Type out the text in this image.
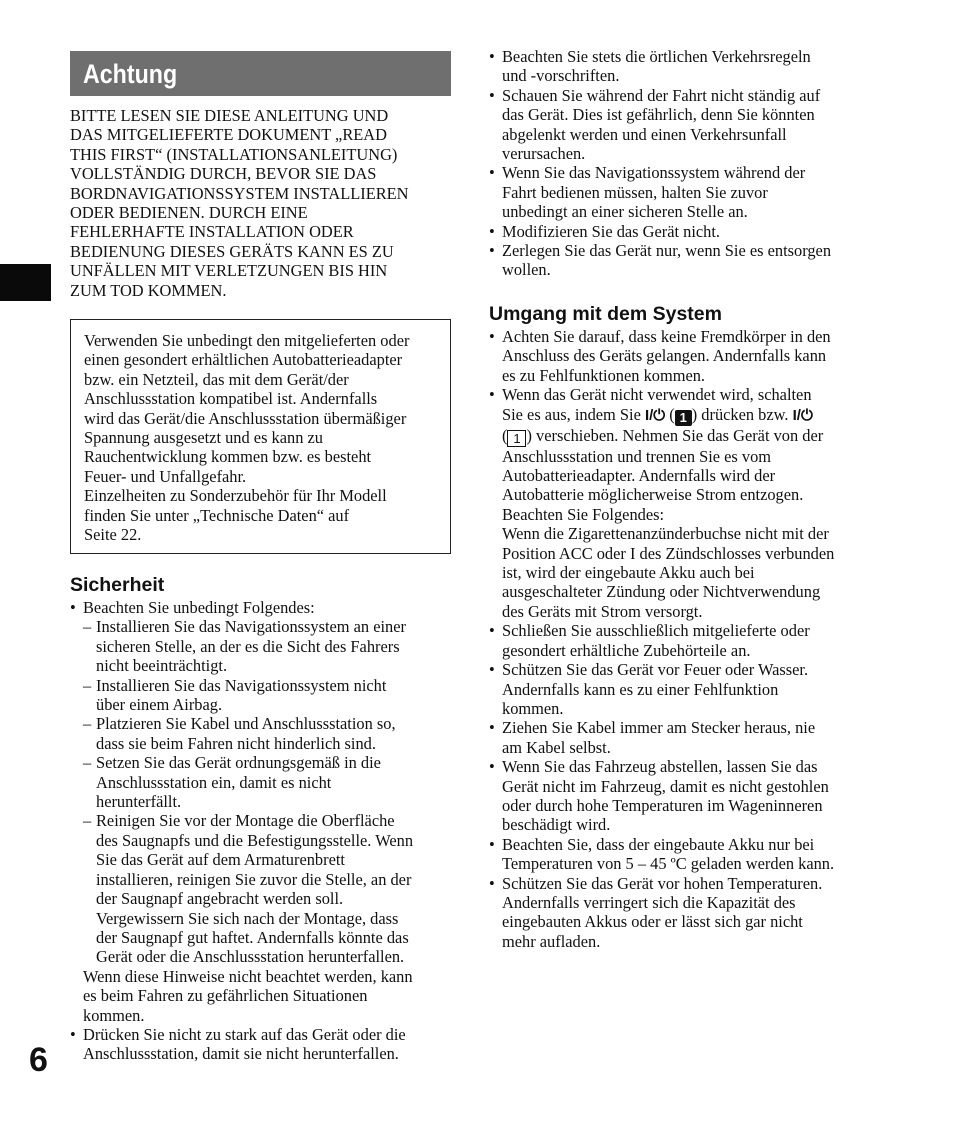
Achtung

BITTE LESEN SIE DIESE ANLEITUNG UND

DAS MITGELIEFERTE DOKUMENT „READ

THIS FIRST“ (INSTALLATIONSANLEITUNG)

VOLLSTÄNDIG DURCH, BEVOR SIE DAS

BORDNAVIGATIONSSYSTEM INSTALLIEREN

ODER BEDIENEN. DURCH EINE

FEHLERHAFTE INSTALLATION ODER

BEDIENUNG DIESES GERÄTS KANN ES ZU

UNFÄLLEN MIT VERLETZUNGEN BIS HIN

ZUM TOD KOMMEN.

Verwenden Sie unbedingt den mitgelieferten oder

einen gesondert erhältlichen Autobatterieadapter

bzw. ein Netzteil, das mit dem Gerät/der

Anschlussstation kompatibel ist. Andernfalls

wird das Gerät/die Anschlussstation übermäßiger

Spannung ausgesetzt und es kann zu

Rauchentwicklung kommen bzw. es besteht

Feuer- und Unfallgefahr.

Einzelheiten zu Sonderzubehör für Ihr Modell

finden Sie unter „Technische Daten“ auf

Seite 22.

Sicherheit
• Beachten Sie unbedingt Folgendes:
– Installieren Sie das Navigationssystem an einer
sicheren Stelle, an der es die Sicht des Fahrers
nicht beeinträchtigt.
– Installieren Sie das Navigationssystem nicht
über einem Airbag.
– Platzieren Sie Kabel und Anschlussstation so,
dass sie beim Fahren nicht hinderlich sind.
– Setzen Sie das Gerät ordnungsgemäß in die
Anschlussstation ein, damit es nicht
herunterfällt.
– Reinigen Sie vor der Montage die Oberfläche
des Saugnapfs und die Befestigungsstelle. Wenn
Sie das Gerät auf dem Armaturenbrett
installieren, reinigen Sie zuvor die Stelle, an der
der Saugnapf angebracht werden soll.
Vergewissern Sie sich nach der Montage, dass
der Saugnapf gut haftet. Andernfalls könnte das
Gerät oder die Anschlussstation herunterfallen.
Wenn diese Hinweise nicht beachtet werden, kann
es beim Fahren zu gefährlichen Situationen
kommen.
• Drücken Sie nicht zu stark auf das Gerät oder die
Anschlussstation, damit sie nicht herunterfallen.
• Beachten Sie stets die örtlichen Verkehrsregeln
und -vorschriften.
• Schauen Sie während der Fahrt nicht ständig auf
das Gerät. Dies ist gefährlich, denn Sie könnten
abgelenkt werden und einen Verkehrsunfall
verursachen.
• Wenn Sie das Navigationssystem während der
Fahrt bedienen müssen, halten Sie zuvor
unbedingt an einer sicheren Stelle an.
• Modifizieren Sie das Gerät nicht.
• Zerlegen Sie das Gerät nur, wenn Sie es entsorgen
wollen.
Umgang mit dem System
• Achten Sie darauf, dass keine Fremdkörper in den
Anschluss des Geräts gelangen. Andernfalls kann
es zu Fehlfunktionen kommen.
• Wenn das Gerät nicht verwendet wird, schalten
Sie es aus, indem Sie I/⏻ ( 1 ) drücken bzw. I/⏻
( 1 ) verschieben. Nehmen Sie das Gerät von der
Anschlussstation und trennen Sie es vom
Autobatterieadapter. Andernfalls wird der
Autobatterie möglicherweise Strom entzogen.
Beachten Sie Folgendes:
Wenn die Zigarettenanzünderbuchse nicht mit der
Position ACC oder I des Zündschlosses verbunden
ist, wird der eingebaute Akku auch bei
ausgeschalteter Zündung oder Nichtverwendung
des Geräts mit Strom versorgt.
• Schließen Sie ausschließlich mitgelieferte oder
gesondert erhältliche Zubehörteile an.
• Schützen Sie das Gerät vor Feuer oder Wasser.
Andernfalls kann es zu einer Fehlfunktion
kommen.
• Ziehen Sie Kabel immer am Stecker heraus, nie
am Kabel selbst.
• Wenn Sie das Fahrzeug abstellen, lassen Sie das
Gerät nicht im Fahrzeug, damit es nicht gestohlen
oder durch hohe Temperaturen im Wageninneren
beschädigt wird.
• Beachten Sie, dass der eingebaute Akku nur bei
Temperaturen von 5 – 45 ºC geladen werden kann.
• Schützen Sie das Gerät vor hohen Temperaturen.
Andernfalls verringert sich die Kapazität des
eingebauten Akkus oder er lässt sich gar nicht
mehr aufladen.
6
